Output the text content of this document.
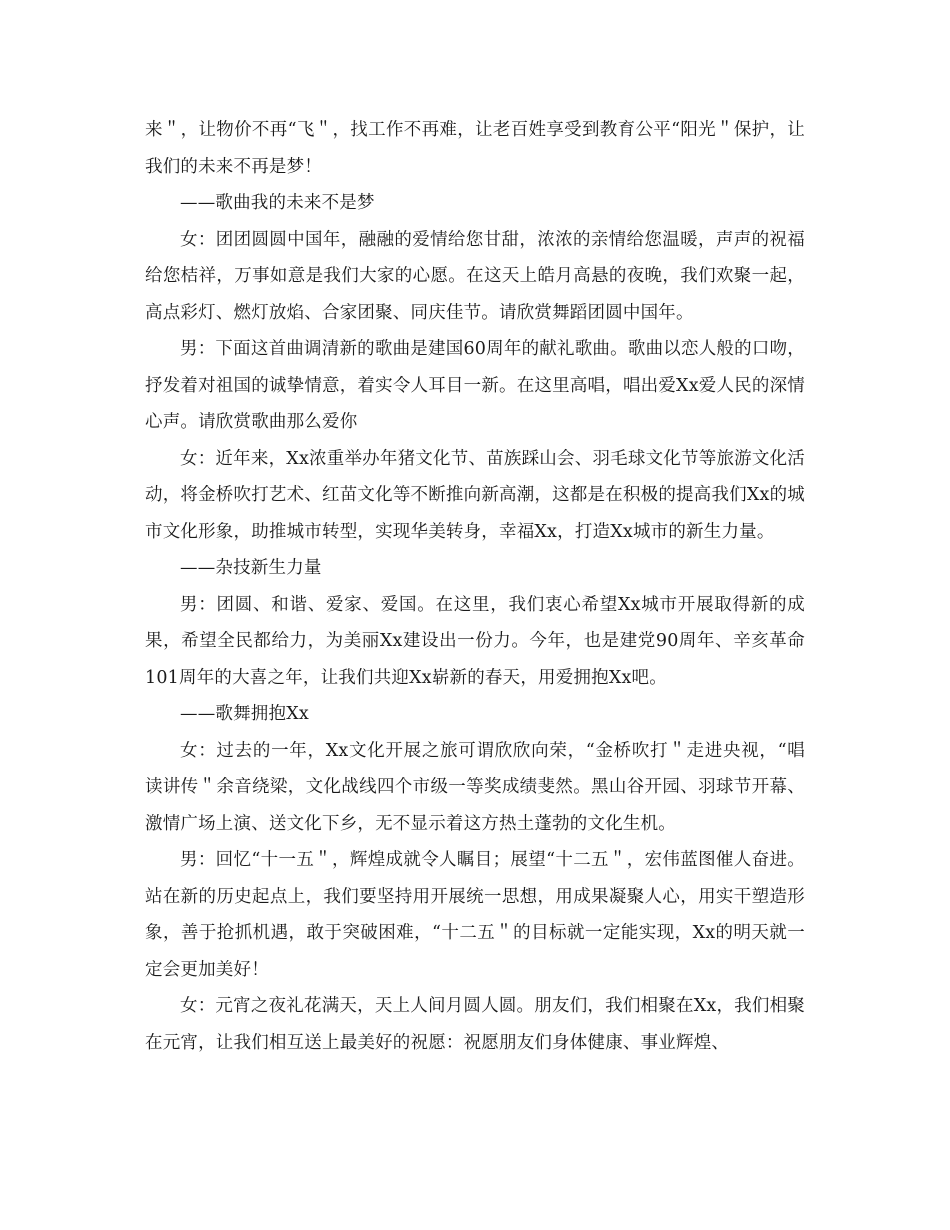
来＂，让物价不再“飞＂，找工作不再难，让老百姓享受到教育公平“阳光＂保护，让我们的未来不再是梦！

——歌曲我的未来不是梦

女：团团圆圆中国年，融融的爱情给您甘甜，浓浓的亲情给您温暖，声声的祝福给您桔祥，万事如意是我们大家的心愿。在这天上皓月高悬的夜晚，我们欢聚一起，高点彩灯、燃灯放焰、合家团聚、同庆佳节。请欣赏舞蹈团圆中国年。

男：下面这首曲调清新的歌曲是建国60周年的献礼歌曲。歌曲以恋人般的口吻，抒发着对祖国的诚挚情意，着实令人耳目一新。在这里高唱，唱出爱Xx爱人民的深情心声。请欣赏歌曲那么爱你

女：近年来，Xx浓重举办年猪文化节、苗族踩山会、羽毛球文化节等旅游文化活动，将金桥吹打艺术、红苗文化等不断推向新高潮，这都是在积极的提高我们Xx的城市文化形象，助推城市转型，实现华美转身，幸福Xx，打造Xx城市的新生力量。

——杂技新生力量

男：团圆、和谐、爱家、爱国。在这里，我们衷心希望Xx城市开展取得新的成果，希望全民都给力，为美丽Xx建设出一份力。今年，也是建党90周年、辛亥革命101周年的大喜之年，让我们共迎Xx崭新的春天，用爱拥抱Xx吧。

——歌舞拥抱Xx

女：过去的一年，Xx文化开展之旅可谓欣欣向荣，“金桥吹打＂走进央视，“唱读讲传＂余音绕梁，文化战线四个市级一等奖成绩斐然。黑山谷开园、羽球节开幕、激情广场上演、送文化下乡，无不显示着这方热土蓬勃的文化生机。

男：回忆“十一五＂，辉煌成就令人瞩目；展望“十二五＂，宏伟蓝图催人奋进。站在新的历史起点上，我们要坚持用开展统一思想，用成果凝聚人心，用实干塑造形象，善于抢抓机遇，敢于突破困难，“十二五＂的目标就一定能实现，Xx的明天就一定会更加美好！

女：元宵之夜礼花满天，天上人间月圆人圆。朋友们，我们相聚在Xx，我们相聚在元宵，让我们相互送上最美好的祝愿：祝愿朋友们身体健康、事业辉煌、
